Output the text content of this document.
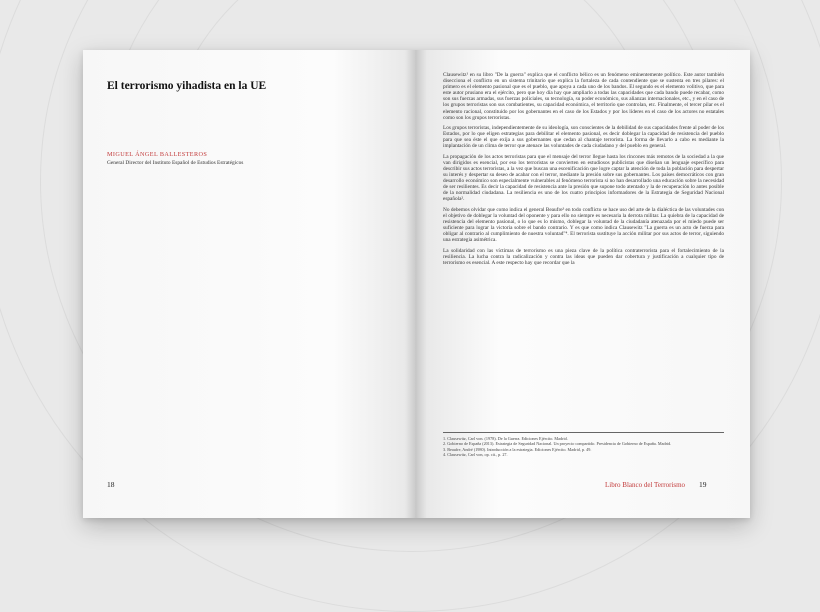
El terrorismo yihadista en la UE
MIGUEL ÁNGEL BALLESTEROS
General Director del Instituto Español de Estudios Estratégicos
18

Clausewitz¹ en su libro "De la guerra" explica que el conflicto bélico es un fenómeno eminentemente político. Este autor también disecciona el conflicto en un sistema trinitario que explica la fortaleza de cada contendiente que se sustenta en tres pilares: el primero es el elemento pasional que es el pueblo, que apoya a cada uno de los bandos. El segundo es el elemento volitivo, que para este autor prusiano era el ejército, pero que hoy día hay que ampliarlo a todas las capacidades que cada bando puede recabar, como son sus fuerzas armadas, sus fuerzas policiales, su tecnología, su poder económico, sus alianzas internacionales, etc., y en el caso de los grupos terroristas son sus combatientes, su capacidad económica, el territorio que controlan, etc. Finalmente, el tercer pilar es el elemento racional, constituido por los gobernantes en el caso de los Estados y por los líderes en el caso de los actores no estatales como son los grupos terroristas.

Los grupos terroristas, independientemente de su ideología, son conscientes de la debilidad de sus capacidades frente al poder de los Estados, por lo que eligen estrategias para debilitar el elemento pasional, es decir doblegar la capacidad de resistencia del pueblo para que sea éste el que exija a sus gobernantes que cedan al chantaje terrorista. La forma de llevarlo a cabo es mediante la implantación de un clima de terror que atenace las voluntades de cada ciudadano y del pueblo en general.

La propagación de los actos terroristas para que el mensaje del terror llegue hasta los rincones más remotos de la sociedad a la que van dirigidos es esencial, por eso los terroristas se convierten en estudiosos publicistas que diseñan un lenguaje específico para describir sus actos terroristas, a la vez que buscan una escenificación que logre captar la atención de toda la población para despertar su interés y despertar su deseo de acabar con el terror, mediante la presión sobre sus gobernantes. Los países democráticos con gran desarrollo económico son especialmente vulnerables al fenómeno terrorista si no han desarrollado una educación sobre la necesidad de ser resilientes. Es decir la capacidad de resistencia ante la presión que supone todo atentado y la de recuperación lo antes posible de la normalidad ciudadana. La resiliencia es uno de los cuatro principios informadores de la Estrategia de Seguridad Nacional española².

No debemos olvidar que como indica el general Beaufre³ en todo conflicto se hace uso del arte de la dialéctica de las voluntades con el objetivo de doblegar la voluntad del oponente y para ello no siempre es necesaria la derrota militar. La quiebra de la capacidad de resistencia del elemento pasional, o lo que es lo mismo, doblegar la voluntad de la ciudadanía atenazada por el miedo puede ser suficiente para lograr la victoria sobre el bando contrario. Y es que como indica Clausewitz "La guerra es un acto de fuerza para obligar al contrario al cumplimiento de nuestra voluntad"⁴. El terrorista sustituye la acción militar por sus actos de terror, siguiendo una estrategia asimétrica.

La solidaridad con las víctimas de terrorismo es una pieza clave de la política contraterrorista para el fortalecimiento de la resiliencia. La lucha contra la radicalización y contra las ideas que pueden dar cobertura y justificación a cualquier tipo de terrorismo es esencial. A este respecto hay que recordar que la

1. Clausewitz, Carl von. (1978). De la Guerra. Ediciones Ejército. Madrid.
2. Gobierno de España (2013). Estrategia de Seguridad Nacional. Un proyecto compartido. Presidencia de Gobierno de España. Madrid.
3. Beaufre, André (1980). Introducción a la estrategia. Ediciones Ejército. Madrid, p. 49.
4. Clausewitz, Carl von, op. cit., p. 27.
Libro Blanco del Terrorismo 19
